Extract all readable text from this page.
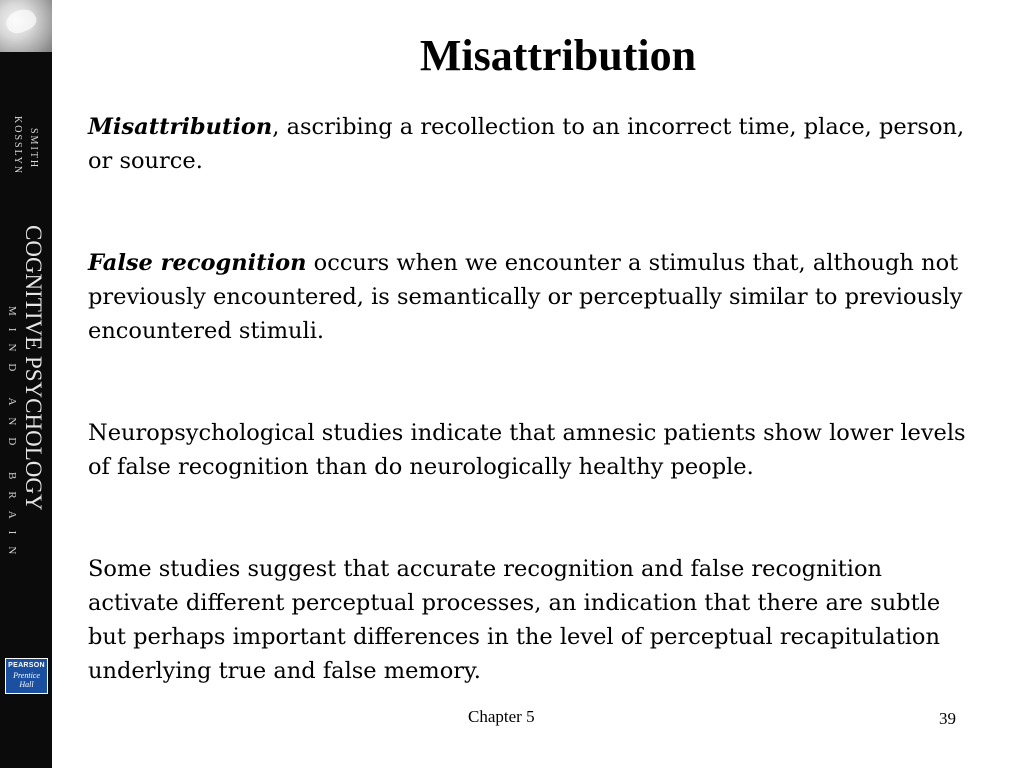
SMITH
KOSSLYN
COGNITIVE PSYCHOLOGY
MIND AND BRAIN
PEARSON
Prentice
Hall
Misattribution

Misattribution, ascribing a recollection to an incorrect time, place, person, or source.

False recognition occurs when we encounter a stimulus that, although not previously encountered, is semantically or perceptually similar to previously encountered stimuli.

Neuropsychological studies indicate that amnesic patients show lower levels of false recognition than do neurologically healthy people.

Some studies suggest that accurate recognition and false recognition activate different perceptual processes, an indication that there are subtle but perhaps important differences in the level of perceptual recapitulation underlying true and false memory.

Chapter 5	39
